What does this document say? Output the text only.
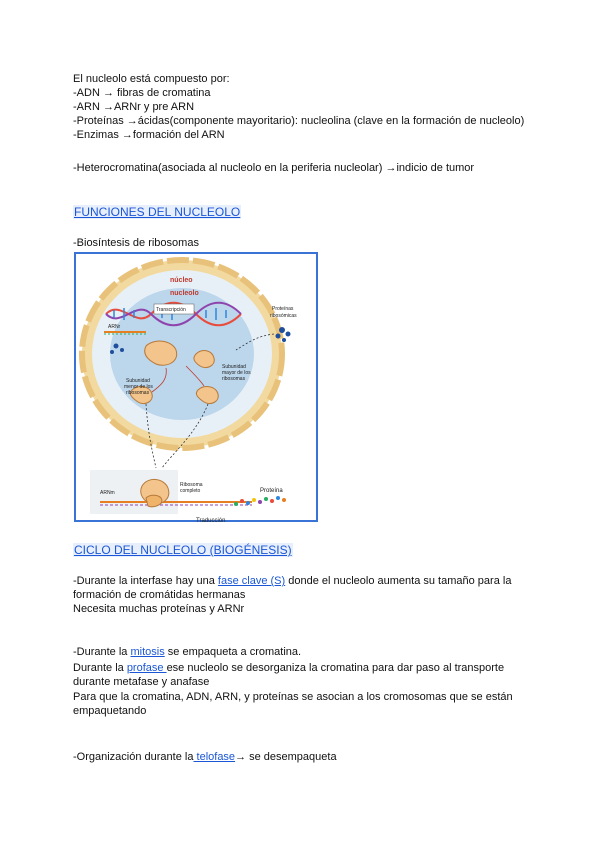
El nucleolo está compuesto por:
-ADN → fibras de cromatina
-ARN →ARNr y pre ARN
-Proteínas →ácidas(componente mayoritario): nucleolina (clave en la formación de nucleolo)
-Enzimas →formación del ARN
-Heterocromatina(asociada al nucleolo en la periferia nucleolar) →indicio de tumor
FUNCIONES DEL NUCLEOLO
-Biosíntesis de ribosomas
núcleo
nucleolo
Transcripción
ARNr
Proteínas
ribosómicas
Subunidad
menor de los
ribosomas
Subunidad
mayor de los
ribosomas
ARNm
Ribosoma
completo	Proteína
Traducción
CICLO DEL NUCLEOLO (BIOGÉNESIS)
-Durante la interfase hay una fase clave (S) donde el nucleolo aumenta su tamaño para la formación de cromátidas hermanas
Necesita muchas proteínas y ARNr
-Durante la mitosis se empaqueta a cromatina.
Durante la profase ese nucleolo se desorganiza la cromatina para dar paso al transporte durante metafase y anafase
Para que la cromatina, ADN, ARN, y proteínas se asocian a los cromosomas que se están empaquetando
-Organización durante la telofase→ se desempaqueta
